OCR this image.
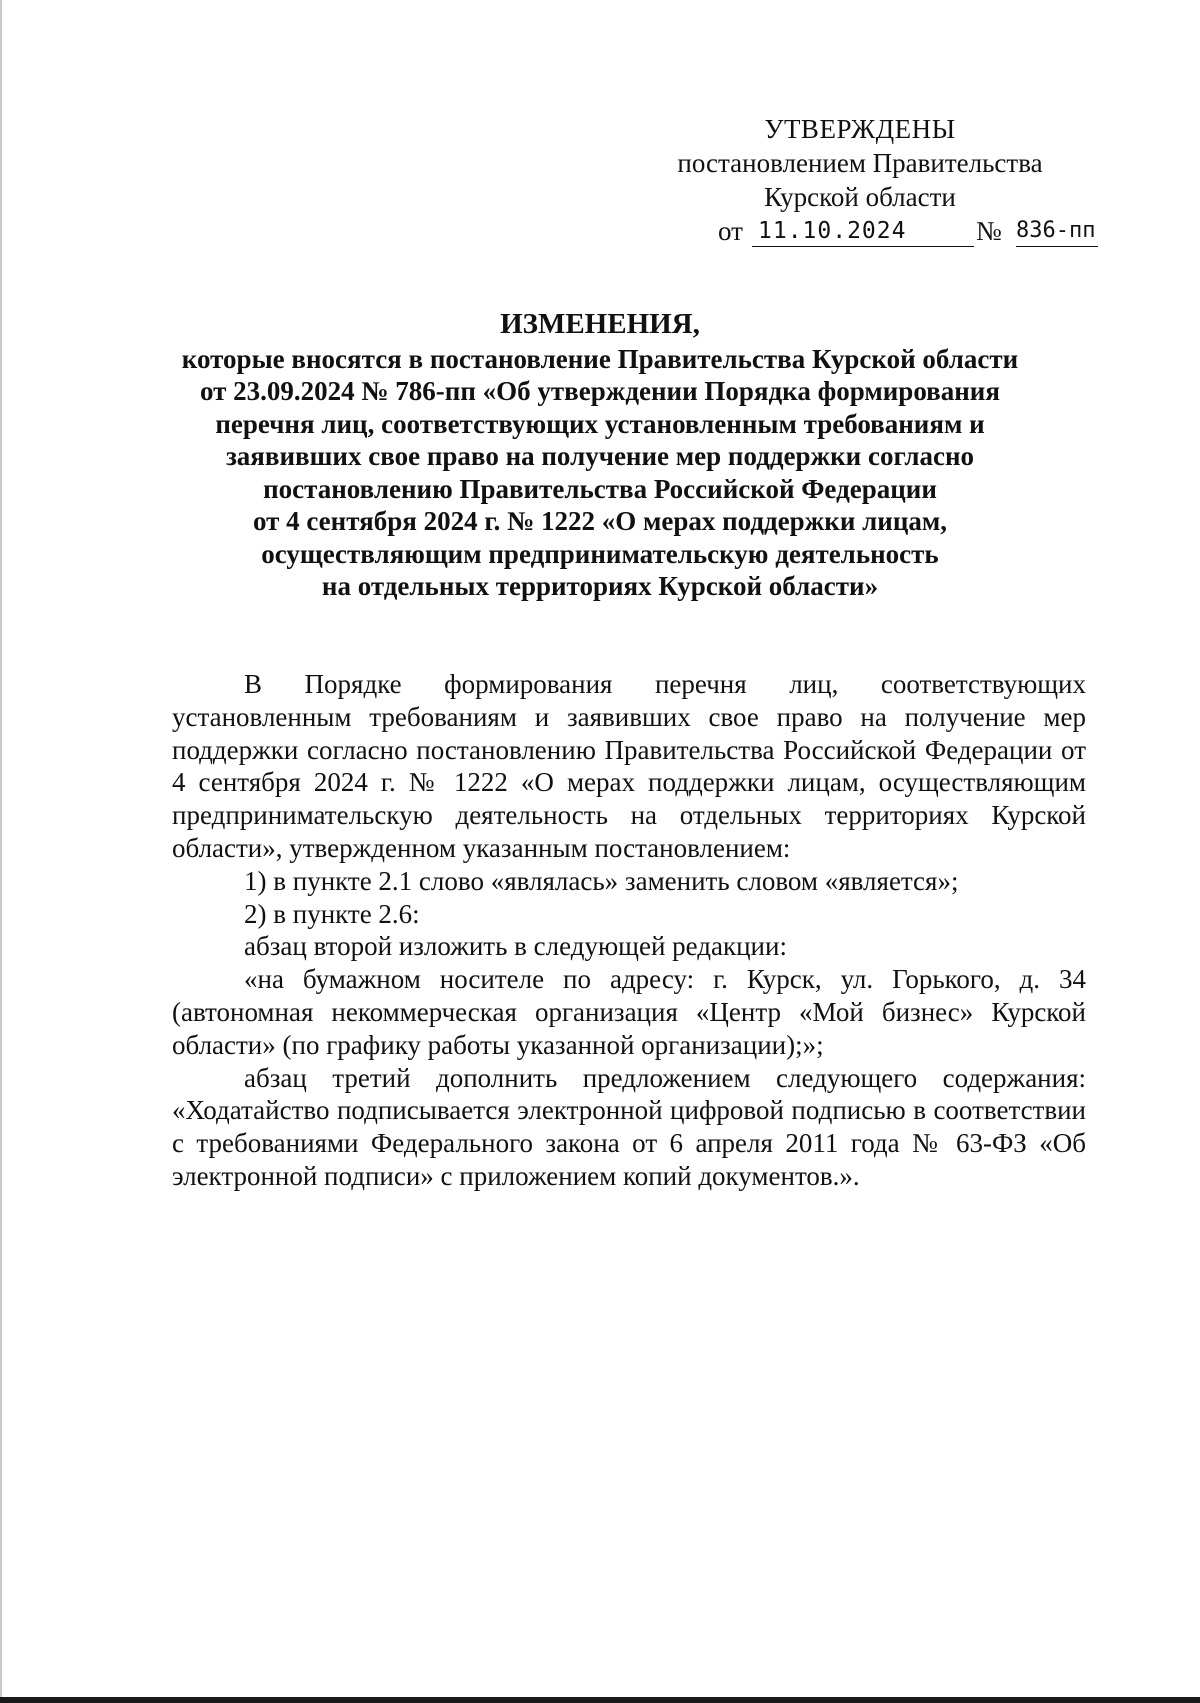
УТВЕРЖДЕНЫ
постановлением Правительства
Курской области
от 11.10.2024	№ 836-пп
ИЗМЕНЕНИЯ,
которые вносятся в постановление Правительства Курской области
от 23.09.2024 № 786-пп «Об утверждении Порядка формирования
перечня лиц, соответствующих установленным требованиям и
заявивших свое право на получение мер поддержки согласно
постановлению Правительства Российской Федерации
от 4 сентября 2024 г. № 1222 «О мерах поддержки лицам,
осуществляющим предпринимательскую деятельность
на отдельных территориях Курской области»

В Порядке формирования перечня лиц, соответствующих установленным требованиям и заявивших свое право на получение мер поддержки согласно постановлению Правительства Российской Федерации от 4 сентября 2024 г. № 1222 «О мерах поддержки лицам, осуществляющим предпринимательскую деятельность на отдельных территориях Курской области», утвержденном указанным постановлением:

1) в пункте 2.1 слово «являлась» заменить словом «является»;

2) в пункте 2.6:

абзац второй изложить в следующей редакции:

«на бумажном носителе по адресу: г. Курск, ул. Горького, д. 34 (автономная некоммерческая организация «Центр «Мой бизнес» Курской области» (по графику работы указанной организации);»;

абзац третий дополнить предложением следующего содержания: «Ходатайство подписывается электронной цифровой подписью в соответствии с требованиями Федерального закона от 6 апреля 2011 года № 63-ФЗ «Об электронной подписи» с приложением копий документов.».
